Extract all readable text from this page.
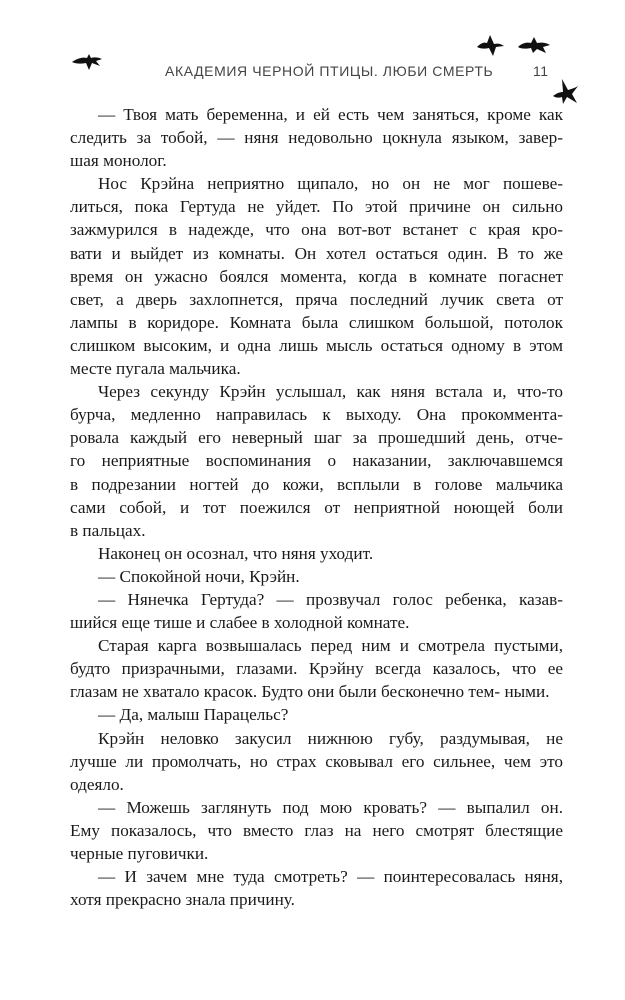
АКАДЕМИЯ ЧЕРНОЙ ПТИЦЫ. ЛЮБИ СМЕРТЬ	11

— Твоя мать беременна, и ей есть чем заняться, кроме как следить за тобой, — няня недовольно цокнула языком, завер- шая монолог.

Нос Крэйна неприятно щипало, но он не мог пошеве- литься, пока Гертуда не уйдет. По этой причине он сильно зажмурился в надежде, что она вот-вот встанет с края кро- вати и выйдет из комнаты. Он хотел остаться один. В то же время он ужасно боялся момента, когда в комнате погаснет свет, а дверь захлопнется, пряча последний лучик света от лампы в коридоре. Комната была слишком большой, потолок слишком высоким, и одна лишь мысль остаться одному в этом месте пугала мальчика.

Через секунду Крэйн услышал, как няня встала и, что-то бурча, медленно направилась к выходу. Она прокоммента- ровала каждый его неверный шаг за прошедший день, отче- го неприятные воспоминания о наказании, заключавшемся в подрезании ногтей до кожи, всплыли в голове мальчика сами собой, и тот поежился от неприятной ноющей боли в пальцах.

Наконец он осознал, что няня уходит.

— Спокойной ночи, Крэйн.

— Нянечка Гертуда? — прозвучал голос ребенка, казав- шийся еще тише и слабее в холодной комнате.

Старая карга возвышалась перед ним и смотрела пустыми, будто призрачными, глазами. Крэйну всегда казалось, что ее глазам не хватало красок. Будто они были бесконечно тем- ными.

— Да, малыш Парацельс?

Крэйн неловко закусил нижнюю губу, раздумывая, не лучше ли промолчать, но страх сковывал его сильнее, чем это одеяло.

— Можешь заглянуть под мою кровать? — выпалил он. Ему показалось, что вместо глаз на него смотрят блестящие черные пуговички.

— И зачем мне туда смотреть? — поинтересовалась няня, хотя прекрасно знала причину.
